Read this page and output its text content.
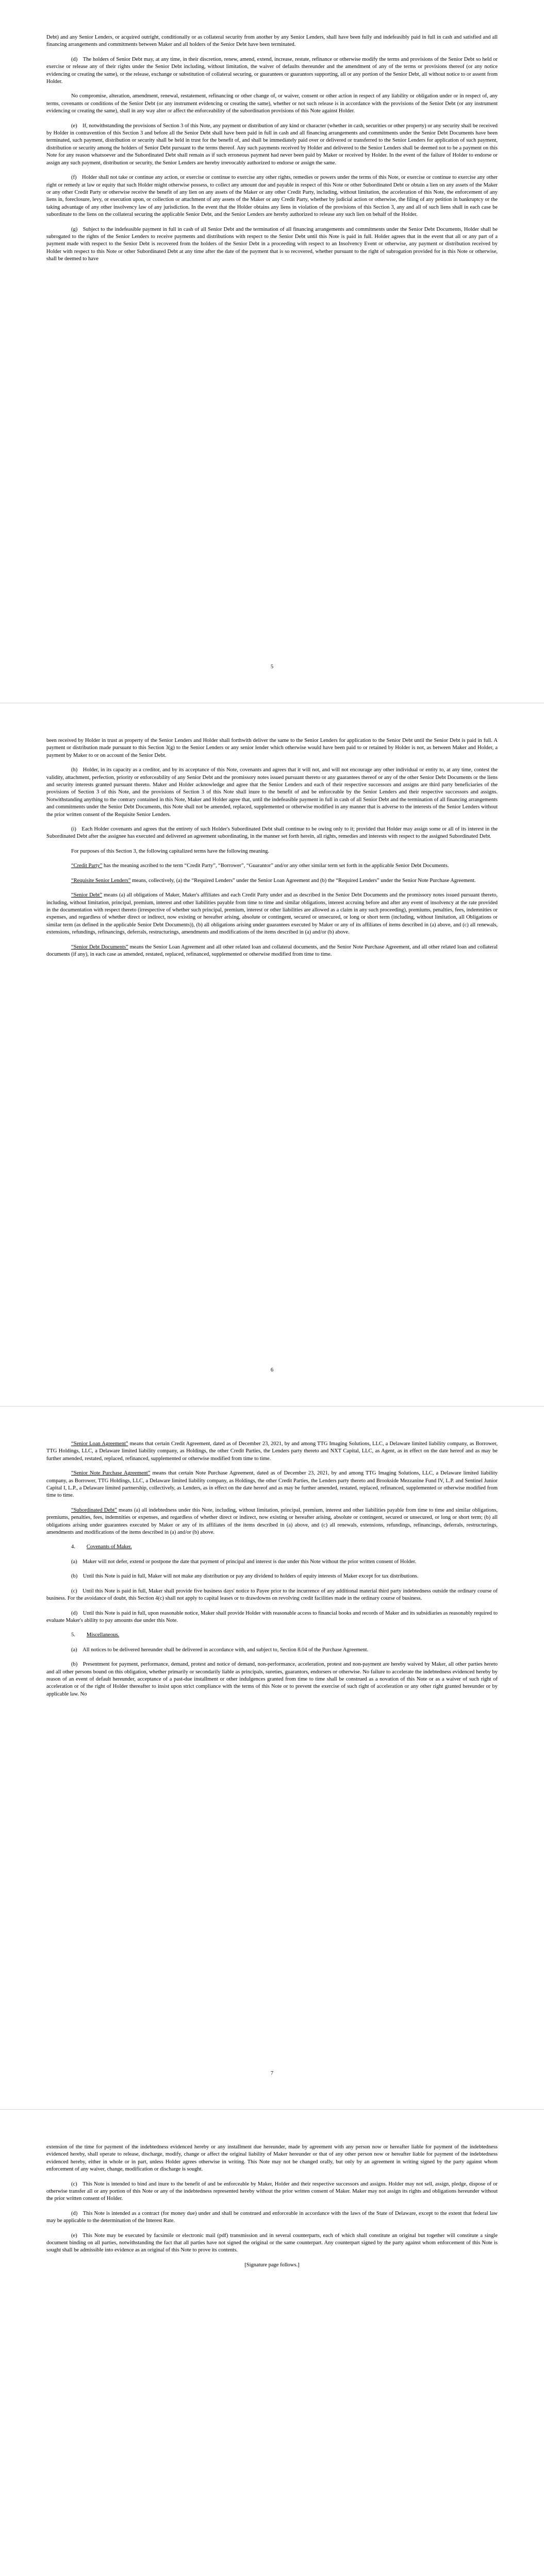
Debt) and any Senior Lenders, or acquired outright, conditionally or as collateral security from another by any Senior Lenders, shall have been fully and indefeasibly paid in full in cash and satisfied and all financing arrangements and commitments between Maker and all holders of the Senior Debt have been terminated.

(d) The holders of Senior Debt may, at any time, in their discretion, renew, amend, extend, increase, restate, refinance or otherwise modify the terms and provisions of the Senior Debt so held or exercise or release any of their rights under the Senior Debt including, without limitation, the waiver of defaults thereunder and the amendment of any of the terms or provisions thereof (or any notice evidencing or creating the same), or the release, exchange or substitution of collateral securing, or guarantees or guarantors supporting, all or any portion of the Senior Debt, all without notice to or assent from Holder.

No compromise, alteration, amendment, renewal, restatement, refinancing or other change of, or waiver, consent or other action in respect of any liability or obligation under or in respect of, any terms, covenants or conditions of the Senior Debt (or any instrument evidencing or creating the same), whether or not such release is in accordance with the provisions of the Senior Debt (or any instrument evidencing or creating the same), shall in any way alter or affect the enforceability of the subordination provisions of this Note against Holder.

(e) If, notwithstanding the provisions of Section 3 of this Note, any payment or distribution of any kind or character (whether in cash, securities or other property) or any security shall be received by Holder in contravention of this Section 3 and before all the Senior Debt shall have been paid in full in cash and all financing arrangements and commitments under the Senior Debt Documents have been terminated, such payment, distribution or security shall be held in trust for the benefit of, and shall be immediately paid over or delivered or transferred to the Senior Lenders for application of such payment, distribution or security among the holders of Senior Debt pursuant to the terms thereof. Any such payments received by Holder and delivered to the Senior Lenders shall be deemed not to be a payment on this Note for any reason whatsoever and the Subordinated Debt shall remain as if such erroneous payment had never been paid by Maker or received by Holder. In the event of the failure of Holder to endorse or assign any such payment, distribution or security, the Senior Lenders are hereby irrevocably authorized to endorse or assign the same.

(f) Holder shall not take or continue any action, or exercise or continue to exercise any other rights, remedies or powers under the terms of this Note, or exercise or continue to exercise any other right or remedy at law or equity that such Holder might otherwise possess, to collect any amount due and payable in respect of this Note or other Subordinated Debt or obtain a lien on any assets of the Maker or any other Credit Party or otherwise receive the benefit of any lien on any assets of the Maker or any other Credit Party, including, without limitation, the acceleration of this Note, the enforcement of any liens in, foreclosure, levy, or execution upon, or collection or attachment of any assets of the Maker or any Credit Party, whether by judicial action or otherwise, the filing of any petition in bankruptcy or the taking advantage of any other insolvency law of any jurisdiction. In the event that the Holder obtains any liens in violation of the provisions of this Section 3, any and all of such liens shall in each case be subordinate to the liens on the collateral securing the applicable Senior Debt, and the Senior Lenders are hereby authorized to release any such lien on behalf of the Holder.

(g) Subject to the indefeasible payment in full in cash of all Senior Debt and the termination of all financing arrangements and commitments under the Senior Debt Documents, Holder shall be subrogated to the rights of the Senior Lenders to receive payments and distributions with respect to the Senior Debt until this Note is paid in full. Holder agrees that in the event that all or any part of a payment made with respect to the Senior Debt is recovered from the holders of the Senior Debt in a proceeding with respect to an Insolvency Event or otherwise, any payment or distribution received by Holder with respect to this Note or other Subordinated Debt at any time after the date of the payment that is so recovered, whether pursuant to the right of subrogation provided for in this Note or otherwise, shall be deemed to have

5

been received by Holder in trust as property of the Senior Lenders and Holder shall forthwith deliver the same to the Senior Lenders for application to the Senior Debt until the Senior Debt is paid in full. A payment or distribution made pursuant to this Section 3(g) to the Senior Lenders or any senior lender which otherwise would have been paid to or retained by Holder is not, as between Maker and Holder, a payment by Maker to or on account of the Senior Debt.

(h) Holder, in its capacity as a creditor, and by its acceptance of this Note, covenants and agrees that it will not, and will not encourage any other individual or entity to, at any time, contest the validity, attachment, perfection, priority or enforceability of any Senior Debt and the promissory notes issued pursuant thereto or any guarantees thereof or any of the other Senior Debt Documents or the liens and security interests granted pursuant thereto. Maker and Holder acknowledge and agree that the Senior Lenders and each of their respective successors and assigns are third party beneficiaries of the provisions of Section 3 of this Note, and the provisions of Section 3 of this Note shall inure to the benefit of and be enforceable by the Senior Lenders and their respective successors and assigns. Notwithstanding anything to the contrary contained in this Note, Maker and Holder agree that, until the indefeasible payment in full in cash of all Senior Debt and the termination of all financing arrangements and commitments under the Senior Debt Documents, this Note shall not be amended, replaced, supplemented or otherwise modified in any manner that is adverse to the interests of the Senior Lenders without the prior written consent of the Requisite Senior Lenders.

(i) Each Holder covenants and agrees that the entirety of such Holder's Subordinated Debt shall continue to be owing only to it; provided that Holder may assign some or all of its interest in the Subordinated Debt after the assignee has executed and delivered an agreement subordinating, in the manner set forth herein, all rights, remedies and interests with respect to the assigned Subordinated Debt.

For purposes of this Section 3, the following capitalized terms have the following meaning.

“Credit Party” has the meaning ascribed to the term “Credit Party”, “Borrower”, “Guarantor” and/or any other similar term set forth in the applicable Senior Debt Documents.

“Requisite Senior Lenders” means, collectively, (a) the “Required Lenders” under the Senior Loan Agreement and (b) the “Required Lenders” under the Senior Note Purchase Agreement.

“Senior Debt” means (a) all obligations of Maker, Maker's affiliates and each Credit Party under and as described in the Senior Debt Documents and the promissory notes issued pursuant thereto, including, without limitation, principal, premium, interest and other liabilities payable from time to time and similar obligations, interest accruing before and after any event of insolvency at the rate provided in the documentation with respect thereto (irrespective of whether such principal, premium, interest or other liabilities are allowed as a claim in any such proceeding), premiums, penalties, fees, indemnities or expenses, and regardless of whether direct or indirect, now existing or hereafter arising, absolute or contingent, secured or unsecured, or long or short term (including, without limitation, all Obligations or similar term (as defined in the applicable Senior Debt Documents)), (b) all obligations arising under guarantees executed by Maker or any of its affiliates of items described in (a) above, and (c) all renewals, extensions, refundings, refinancings, deferrals, restructurings, amendments and modifications of the items described in (a) and/or (b) above.

“Senior Debt Documents” means the Senior Loan Agreement and all other related loan and collateral documents, and the Senior Note Purchase Agreement, and all other related loan and collateral documents (if any), in each case as amended, restated, replaced, refinanced, supplemented or otherwise modified from time to time.

6

“Senior Loan Agreement” means that certain Credit Agreement, dated as of December 23, 2021, by and among TTG Imaging Solutions, LLC, a Delaware limited liability company, as Borrower, TTG Holdings, LLC, a Delaware limited liability company, as Holdings, the other Credit Parties, the Lenders party thereto and NXT Capital, LLC, as Agent, as in effect on the date hereof and as may be further amended, restated, replaced, refinanced, supplemented or otherwise modified from time to time.

“Senior Note Purchase Agreement” means that certain Note Purchase Agreement, dated as of December 23, 2021, by and among TTG Imaging Solutions, LLC, a Delaware limited liability company, as Borrower, TTG Holdings, LLC, a Delaware limited liability company, as Holdings, the other Credit Parties, the Lenders party thereto and Brookside Mezzanine Fund IV, L.P. and Sentinel Junior Capital I, L.P., a Delaware limited partnership, collectively, as Lenders, as in effect on the date hereof and as may be further amended, restated, replaced, refinanced, supplemented or otherwise modified from time to time.

“Subordinated Debt” means (a) all indebtedness under this Note, including, without limitation, principal, premium, interest and other liabilities payable from time to time and similar obligations, premiums, penalties, fees, indemnities or expenses, and regardless of whether direct or indirect, now existing or hereafter arising, absolute or contingent, secured or unsecured, or long or short term; (b) all obligations arising under guarantees executed by Maker or any of its affiliates of the items described in (a) above, and (c) all renewals, extensions, refundings, refinancings, deferrals, restructurings, amendments and modifications of the items described in (a) and/or (b) above.

4. Covenants of Maker.

(a) Maker will not defer, extend or postpone the date that payment of principal and interest is due under this Note without the prior written consent of Holder.

(b) Until this Note is paid in full, Maker will not make any distribution or pay any dividend to holders of equity interests of Maker except for tax distributions.

(c) Until this Note is paid in full, Maker shall provide five business days' notice to Payee prior to the incurrence of any additional material third party indebtedness outside the ordinary course of business. For the avoidance of doubt, this Section 4(c) shall not apply to capital leases or to drawdowns on revolving credit facilities made in the ordinary course of business.

(d) Until this Note is paid in full, upon reasonable notice, Maker shall provide Holder with reasonable access to financial books and records of Maker and its subsidiaries as reasonably required to evaluate Maker's ability to pay amounts due under this Note.

5. Miscellaneous.

(a) All notices to be delivered hereunder shall be delivered in accordance with, and subject to, Section 8.04 of the Purchase Agreement.

(b) Presentment for payment, performance, demand, protest and notice of demand, non-performance, acceleration, protest and non-payment are hereby waived by Maker, all other parties hereto and all other persons bound on this obligation, whether primarily or secondarily liable as principals, sureties, guarantors, endorsers or otherwise. No failure to accelerate the indebtedness evidenced hereby by reason of an event of default hereunder, acceptance of a past-due installment or other indulgences granted from time to time shall be construed as a novation of this Note or as a waiver of such right of acceleration or of the right of Holder thereafter to insist upon strict compliance with the terms of this Note or to prevent the exercise of such right of acceleration or any other right granted hereunder or by applicable law. No

7

extension of the time for payment of the indebtedness evidenced hereby or any installment due hereunder, made by agreement with any person now or hereafter liable for payment of the indebtedness evidenced hereby, shall operate to release, discharge, modify, change or affect the original liability of Maker hereunder or that of any other person now or hereafter liable for payment of the indebtedness evidenced hereby, either in whole or in part, unless Holder agrees otherwise in writing. This Note may not be changed orally, but only by an agreement in writing signed by the party against whom enforcement of any waiver, change, modification or discharge is sought.

(c) This Note is intended to bind and inure to the benefit of and be enforceable by Maker, Holder and their respective successors and assigns. Holder may not sell, assign, pledge, dispose of or otherwise transfer all or any portion of this Note or any of the indebtedness represented hereby without the prior written consent of Maker. Maker may not assign its rights and obligations hereunder without the prior written consent of Holder.

(d) This Note is intended as a contract (for money due) under and shall be construed and enforceable in accordance with the laws of the State of Delaware, except to the extent that federal law may be applicable to the determination of the Interest Rate.

(e) This Note may be executed by facsimile or electronic mail (pdf) transmission and in several counterparts, each of which shall constitute an original but together will constitute a single document binding on all parties, notwithstanding the fact that all parties have not signed the original or the same counterpart. Any counterpart signed by the party against whom enforcement of this Note is sought shall be admissible into evidence as an original of this Note to prove its contents.

[Signature page follows.]
